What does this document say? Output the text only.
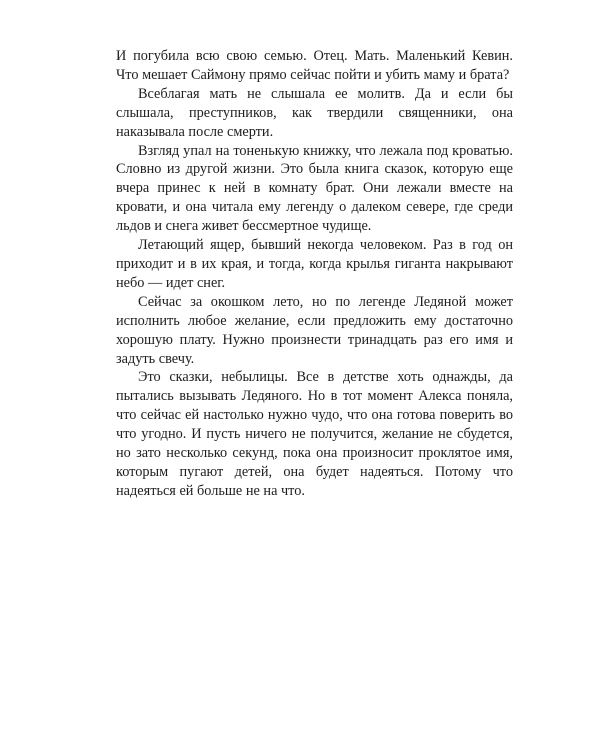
И погубила всю свою семью. Отец. Мать. Маленький Кевин. Что мешает Саймону прямо сейчас пойти и убить маму и брата?

Всеблагая мать не слышала ее молитв. Да и если бы слышала, преступников, как твердили священники, она наказывала после смерти.

Взгляд упал на тоненькую книжку, что лежала под кроватью. Словно из другой жизни. Это была книга сказок, которую еще вчера принес к ней в комнату брат. Они лежали вместе на кровати, и она читала ему легенду о далеком севере, где среди льдов и снега живет бессмертное чудище.

Летающий ящер, бывший некогда человеком. Раз в год он приходит и в их края, и тогда, когда крылья гиганта накрывают небо — идет снег.

Сейчас за окошком лето, но по легенде Ледяной может исполнить любое желание, если предложить ему достаточно хорошую плату. Нужно произнести тринадцать раз его имя и задуть свечу.

Это сказки, небылицы. Все в детстве хоть однажды, да пытались вызывать Ледяного. Но в тот момент Алекса поняла, что сейчас ей настолько нужно чудо, что она готова поверить во что угодно. И пусть ничего не получится, желание не сбудется, но зато несколько секунд, пока она произносит проклятое имя, которым пугают детей, она будет надеяться. Потому что надеяться ей больше не на что.
